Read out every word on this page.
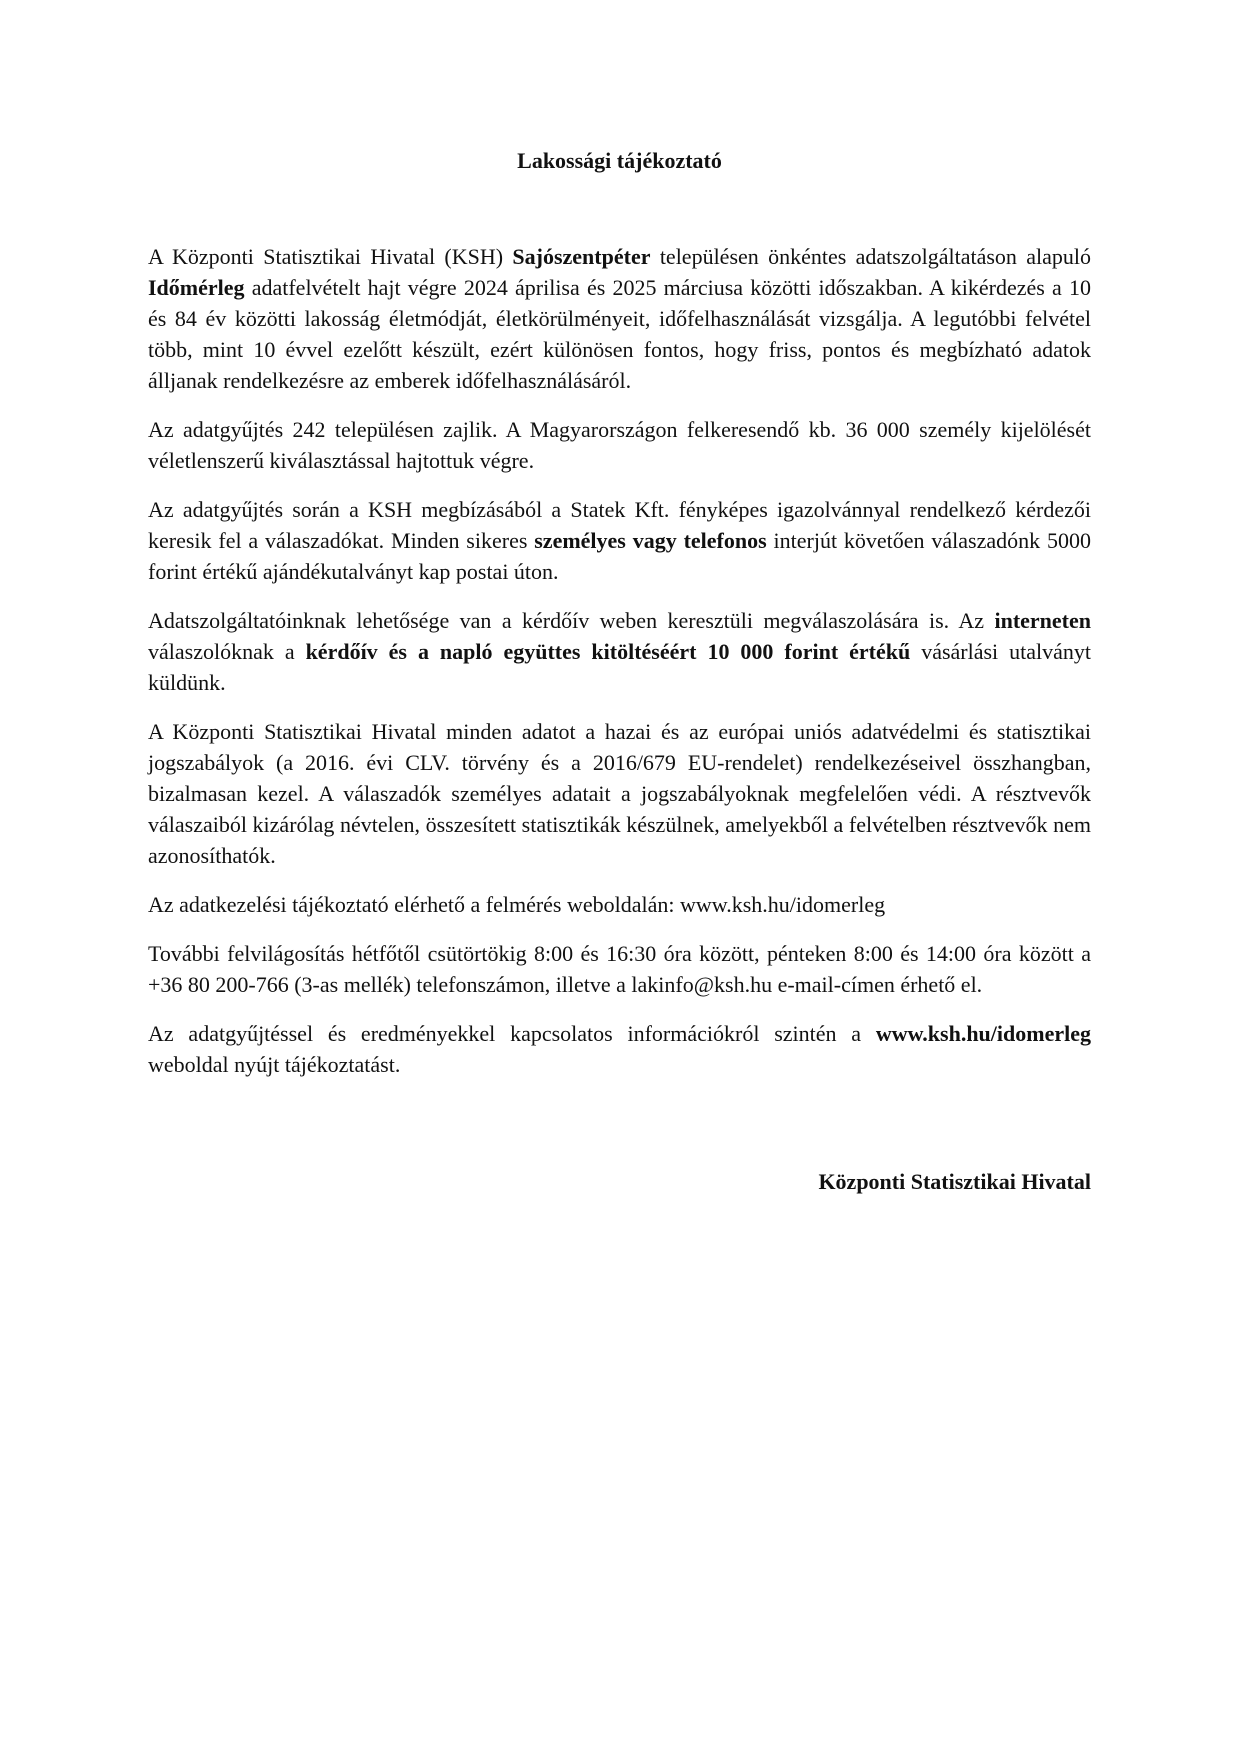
Lakossági tájékoztató

A Központi Statisztikai Hivatal (KSH) Sajószentpéter településen önkéntes adatszolgáltatáson alapuló Időmérleg adatfelvételt hajt végre 2024 áprilisa és 2025 márciusa közötti időszakban. A kikérdezés a 10 és 84 év közötti lakosság életmódját, életkörülményeit, időfelhasználását vizsgálja. A legutóbbi felvétel több, mint 10 évvel ezelőtt készült, ezért különösen fontos, hogy friss, pontos és megbízható adatok álljanak rendelkezésre az emberek időfelhasználásáról.

Az adatgyűjtés 242 településen zajlik. A Magyarországon felkeresendő kb. 36 000 személy kijelölését véletlenszerű kiválasztással hajtottuk végre.

Az adatgyűjtés során a KSH megbízásából a Statek Kft. fényképes igazolvánnyal rendelkező kérdezői keresik fel a válaszadókat. Minden sikeres személyes vagy telefonos interjút követően válaszadónk 5000 forint értékű ajándékutalványt kap postai úton.

Adatszolgáltatóinknak lehetősége van a kérdőív weben keresztüli megválaszolására is. Az interneten válaszolóknak a kérdőív és a napló együttes kitöltéséért 10 000 forint értékű vásárlási utalványt küldünk.

A Központi Statisztikai Hivatal minden adatot a hazai és az európai uniós adatvédelmi és statisztikai jogszabályok (a 2016. évi CLV. törvény és a 2016/679 EU-rendelet) rendelkezéseivel összhangban, bizalmasan kezel. A válaszadók személyes adatait a jogszabályoknak megfelelően védi. A résztvevők válaszaiból kizárólag névtelen, összesített statisztikák készülnek, amelyekből a felvételben résztvevők nem azonosíthatók.

Az adatkezelési tájékoztató elérhető a felmérés weboldalán: www.ksh.hu/idomerleg

További felvilágosítás hétfőtől csütörtökig 8:00 és 16:30 óra között, pénteken 8:00 és 14:00 óra között a +36 80 200-766 (3-as mellék) telefonszámon, illetve a lakinfo@ksh.hu e-mail-címen érhető el.

Az adatgyűjtéssel és eredményekkel kapcsolatos információkról szintén a www.ksh.hu/idomerleg weboldal nyújt tájékoztatást.

Központi Statisztikai Hivatal
